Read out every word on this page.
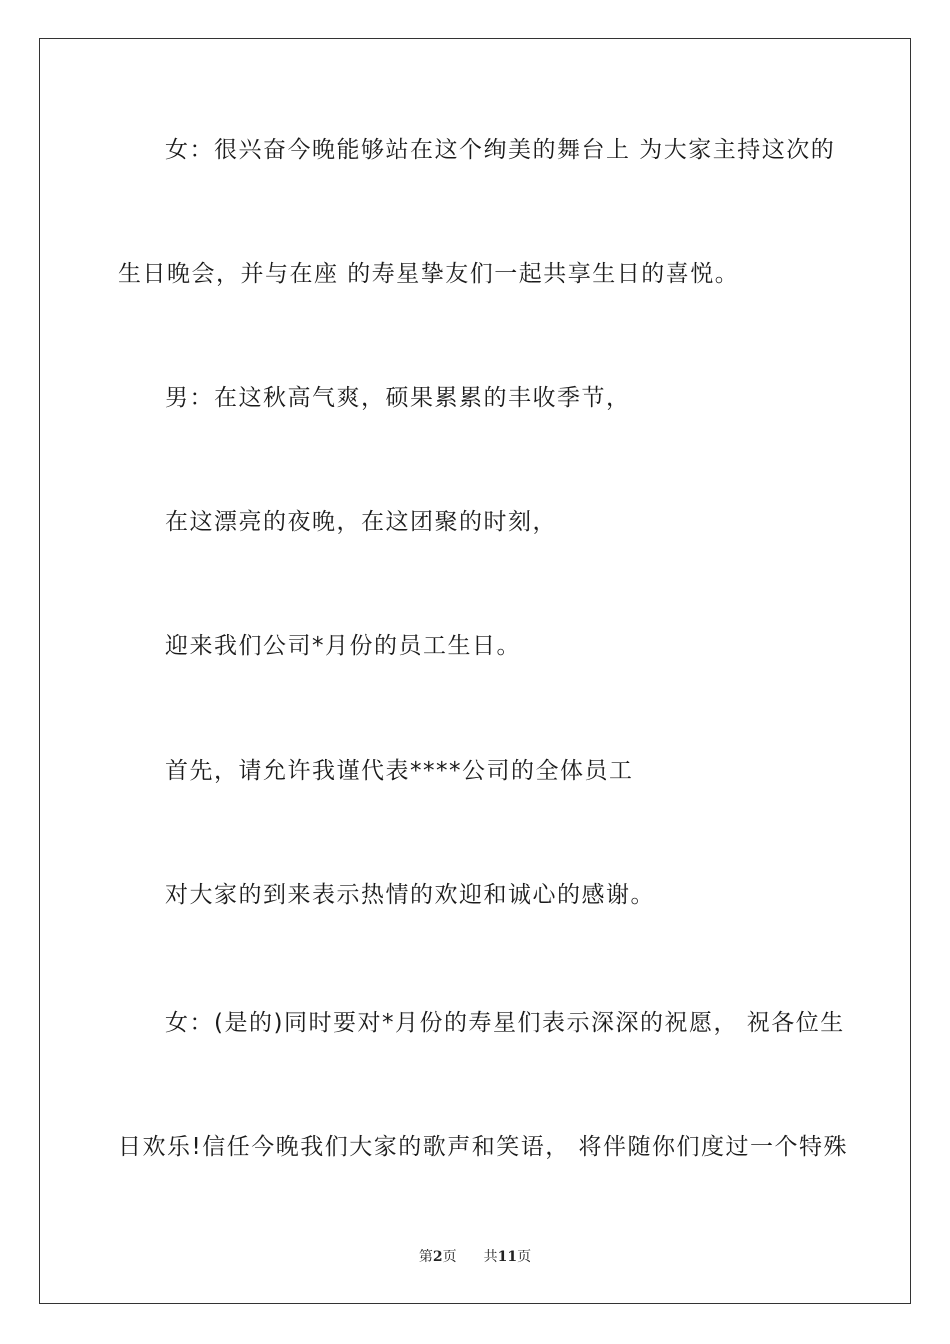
女：很兴奋今晚能够站在这个绚美的舞台上 为大家主持这次的
生日晚会，并与在座 的寿星挚友们一起共享生日的喜悦。
男：在这秋高气爽，硕果累累的丰收季节，
在这漂亮的夜晚，在这团聚的时刻，
迎来我们公司*月份的员工生日。
首先，请允许我谨代表****公司的全体员工
对大家的到来表示热情的欢迎和诚心的感谢。
女：(是的)同时要对*月份的寿星们表示深深的祝愿， 祝各位生
日欢乐!信任今晚我们大家的歌声和笑语， 将伴随你们度过一个特殊
第2页 共11页
